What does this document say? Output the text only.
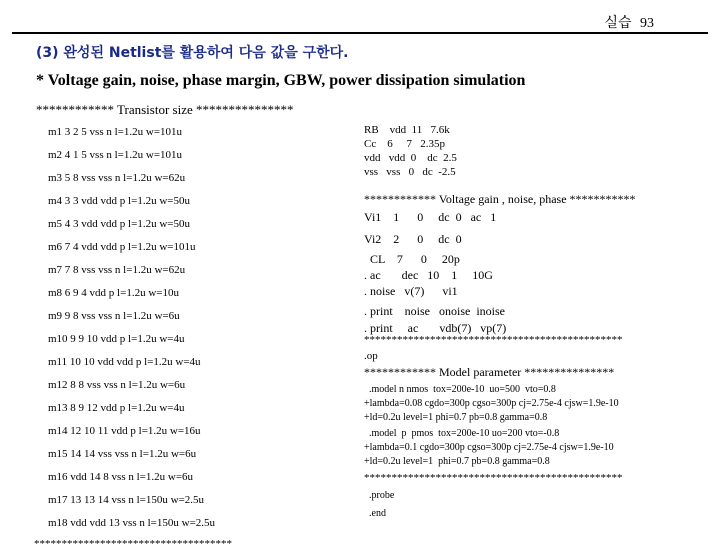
실습 93
(3) 완성된 Netlist를 활용하여 다음 값을 구한다.
* Voltage gain, noise, phase margin, GBW, power dissipation simulation
************ Transistor size ***************
m1 3 2 5 vss n l=1.2u w=101u
m2 4 1 5 vss n l=1.2u w=101u
m3 5 8 vss vss n l=1.2u w=62u
m4 3 3 vdd vdd p l=1.2u w=50u
m5 4 3 vdd vdd p l=1.2u w=50u
m6 7 4 vdd vdd p l=1.2u w=101u
m7 7 8 vss vss n l=1.2u w=62u
m8 6 9 4 vdd p l=1.2u w=10u
m9 9 8 vss vss n l=1.2u w=6u
m10 9 9 10 vdd p l=1.2u w=4u
m11 10 10 vdd vdd p l=1.2u w=4u
m12 8 8 vss vss n l=1.2u w=6u
m13 8 9 12 vdd p l=1.2u w=4u
m14 12 10 11 vdd p l=1.2u w=16u
m15 14 14 vss vss n l=1.2u w=6u
m16 vdd 14 8 vss n l=1.2u w=6u
m17 13 13 14 vss n l=150u w=2.5u
m18 vdd vdd 13 vss n l=150u w=2.5u
************************************
RB    vdd  11   7.6k
Cc    6     7   2.35p
vdd   vdd  0    dc  2.5
vss   vss   0   dc  -2.5
************ Voltage gain , noise, phase ***********
Vi1    1      0     dc  0   ac   1
Vi2    2      0     dc  0
CL    7      0     20p
. ac       dec   10    1     10G
. noise   v(7)      vi1
. print    noise   onoise  inoise
. print     ac       vdb(7)   vp(7)
***********************************************
.op
************ Model parameter ***************
.model n nmos  tox=200e-10  uo=500  vto=0.8
+lambda=0.08 cgdo=300p cgso=300p cj=2.75e-4 cjsw=1.9e-10
+ld=0.2u level=1 phi=0.7 pb=0.8 gamma=0.8
.model  p  pmos  tox=200e-10 uo=200 vto=-0.8
+lambda=0.1 cgdo=300p cgso=300p cj=2.75e-4 cjsw=1.9e-10
+ld=0.2u level=1  phi=0.7 pb=0.8 gamma=0.8
***********************************************
.probe
.end
